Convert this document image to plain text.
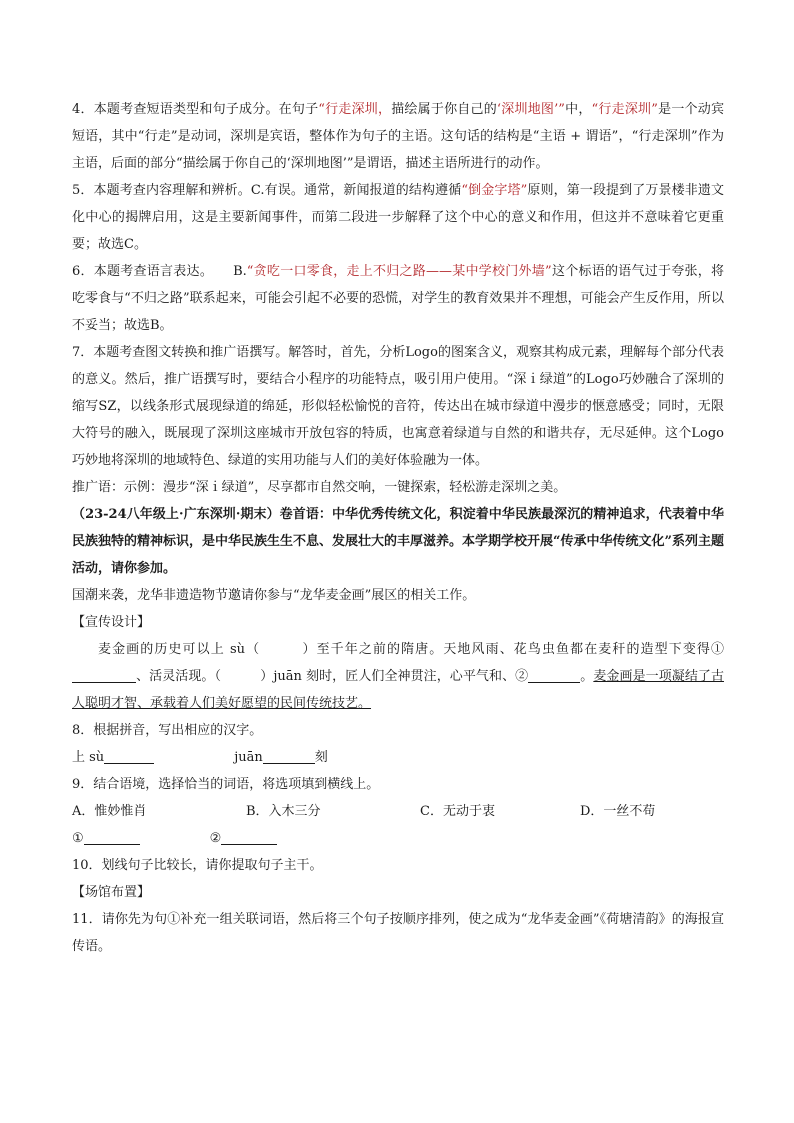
4．本题考查短语类型和句子成分。在句子“行走深圳，描绘属于你自己的‘深圳地图’”中，“行走深圳”是一个动宾短语，其中“行走”是动词，深圳是宾语，整体作为句子的主语。这句话的结构是“主语 + 谓语”，“行走深圳”作为主语，后面的部分“描绘属于你自己的‘深圳地图’”是谓语，描述主语所进行的动作。

5．本题考查内容理解和辨析。C.有误。通常，新闻报道的结构遵循“倒金字塔”原则，第一段提到了万景楼非遗文化中心的揭牌启用，这是主要新闻事件，而第二段进一步解释了这个中心的意义和作用，但这并不意味着它更重要；故选C。

6．本题考查语言表达。　　B.“贪吃一口零食，走上不归之路——某中学校门外墙”这个标语的语气过于夸张，将吃零食与“不归之路”联系起来，可能会引起不必要的恐慌，对学生的教育效果并不理想，可能会产生反作用，所以不妥当；故选B。

7．本题考查图文转换和推广语撰写。解答时，首先，分析Logo的图案含义，观察其构成元素，理解每个部分代表的意义。然后，推广语撰写时，要结合小程序的功能特点，吸引用户使用。“深ｉ绿道”的Logo巧妙融合了深圳的缩写SZ，以线条形式展现绿道的绵延，形似轻松愉悦的音符，传达出在城市绿道中漫步的惬意感受；同时，无限大符号的融入，既展现了深圳这座城市开放包容的特质，也寓意着绿道与自然的和谐共存，无尽延伸。这个Logo巧妙地将深圳的地域特色、绿道的实用功能与人们的美好体验融为一体。

推广语：示例：漫步“深ｉ绿道”，尽享都市自然交响，一键探索，轻松游走深圳之美。

（23-24八年级上·广东深圳·期末）卷首语：中华优秀传统文化，积淀着中华民族最深沉的精神追求，代表着中华民族独特的精神标识，是中华民族生生不息、发展壮大的丰厚滋养。本学期学校开展“传承中华传统文化”系列主题活动，请你参加。

国潮来袭，龙华非遗造物节邀请你参与“龙华麦金画”展区的相关工作。

【宣传设计】

麦金画的历史可以上 sù（　　　）至千年之前的隋唐。天地风雨、花鸟虫鱼都在麦秆的造型下变得①、活灵活现。（　　　）juān 刻时，匠人们全神贯注，心平气和、②	。麦金画是一项凝结了古人聪明才智、承载着人们美好愿望的民间传统技艺。

8．根据拼音，写出相应的汉字。

上 sù	juān	刻

9．结合语境，选择恰当的词语，将选项填到横线上。

A．惟妙惟肖	B．入木三分	C．无动于衷	D．一丝不苟

①	②

10．划线句子比较长，请你提取句子主干。

【场馆布置】

11．请你先为句①补充一组关联词语，然后将三个句子按顺序排列，使之成为“龙华麦金画”《荷塘清韵》的海报宣传语。
